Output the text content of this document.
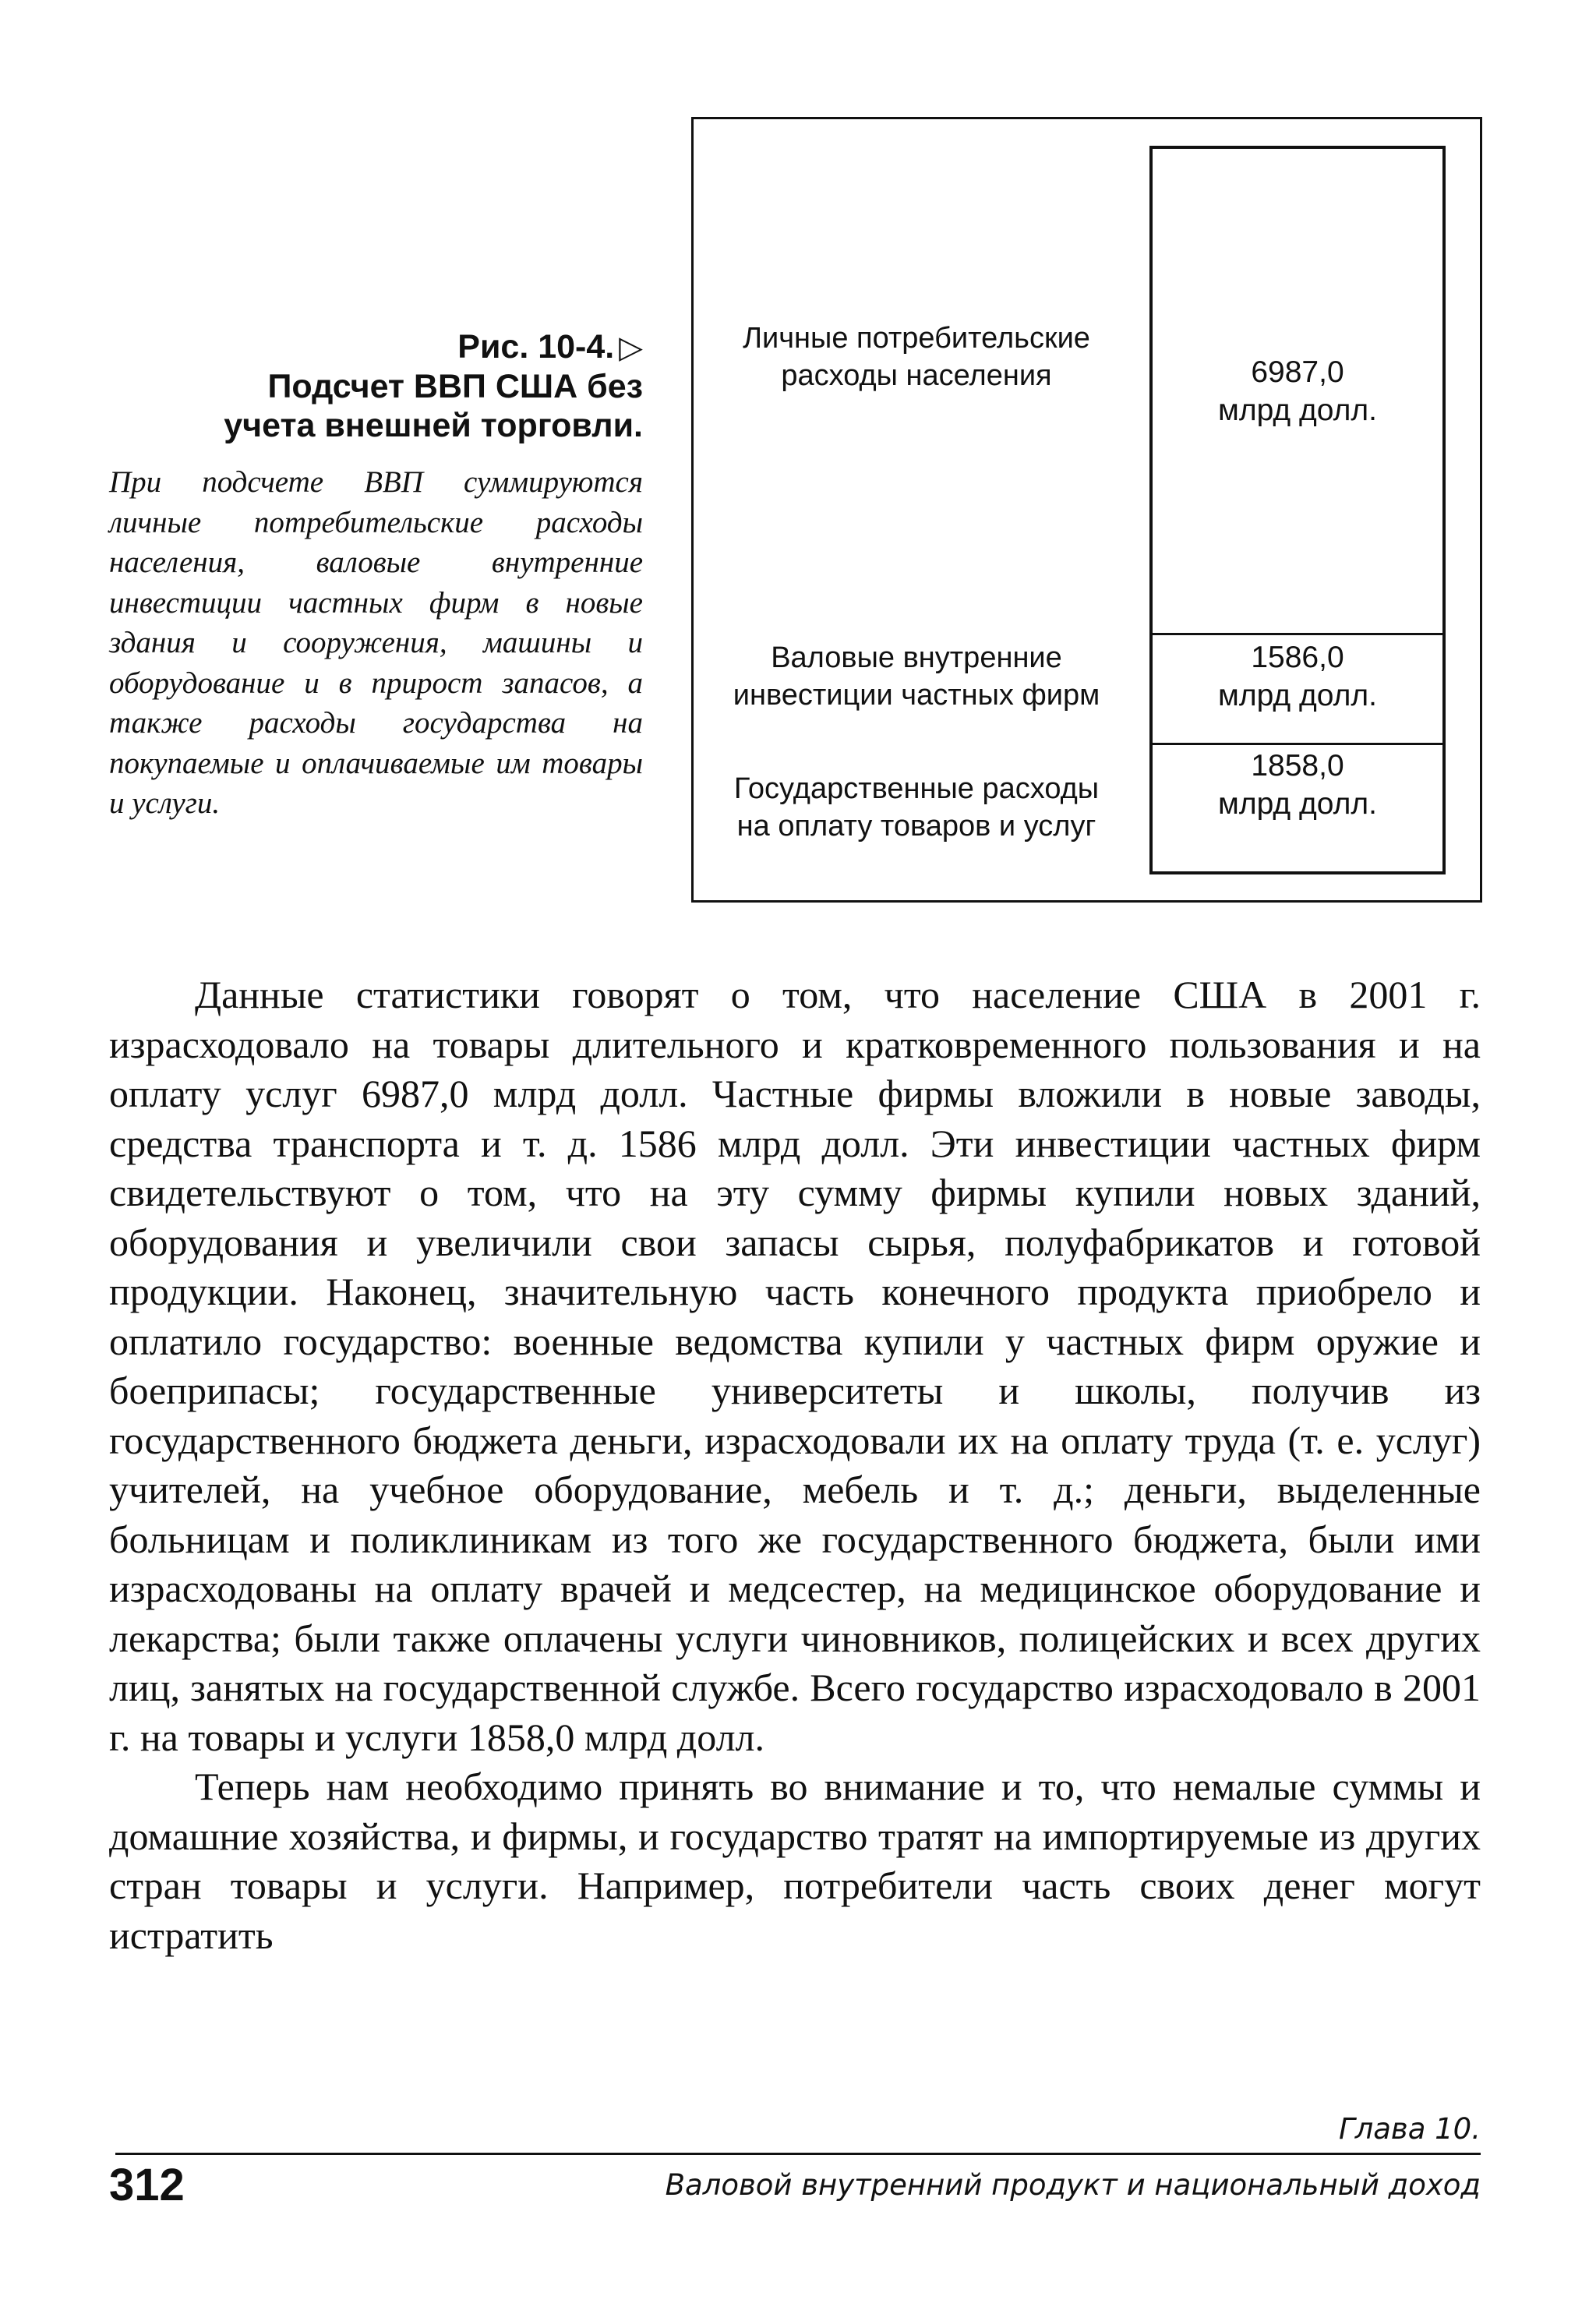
Рис. 10-4. ▷
Подсчет ВВП США без
учета внешней торговли.
При подсчете ВВП суммируются личные потребительские расходы населения, валовые внутренние инвестиции частных фирм в новые здания и сооружения, машины и оборудование и в прирост запасов, а также расходы государства на покупаемые и оплачиваемые им товары и услуги.
Личные потребительские
расходы населения
Валовые внутренние
инвестиции частных фирм
Государственные расходы
на оплату товаров и услуг
6987,0
млрд долл.
1586,0
млрд долл.
1858,0
млрд долл.

Данные статистики говорят о том, что население США в 2001 г. израсходовало на товары длительного и кратковременного пользования и на оплату услуг 6987,0 млрд долл. Частные фирмы вложили в новые заводы, средства транспорта и т. д. 1586 млрд долл. Эти инвестиции частных фирм свидетельствуют о том, что на эту сумму фирмы купили новых зданий, оборудования и увеличили свои запасы сырья, полуфабрикатов и готовой продукции. Наконец, значительную часть конечного продукта приобрело и оплатило государство: военные ведомства купили у частных фирм оружие и боеприпасы; государственные университеты и школы, получив из государственного бюджета деньги, израсходовали их на оплату труда (т. е. услуг) учителей, на учебное оборудование, мебель и т. д.; деньги, выделенные больницам и поликлиникам из того же государственного бюджета, были ими израсходованы на оплату врачей и медсестер, на медицинское оборудование и лекарства; были также оплачены услуги чиновников, полицейских и всех других лиц, занятых на государственной службе. Всего государство израсходовало в 2001 г. на товары и услуги 1858,0 млрд долл.

Теперь нам необходимо принять во внимание и то, что немалые суммы и домашние хозяйства, и фирмы, и государство тратят на импортируемые из других стран товары и услуги. Например, потребители часть своих денег могут истратить

Глава 10.
312	Валовой внутренний продукт и национальный доход
